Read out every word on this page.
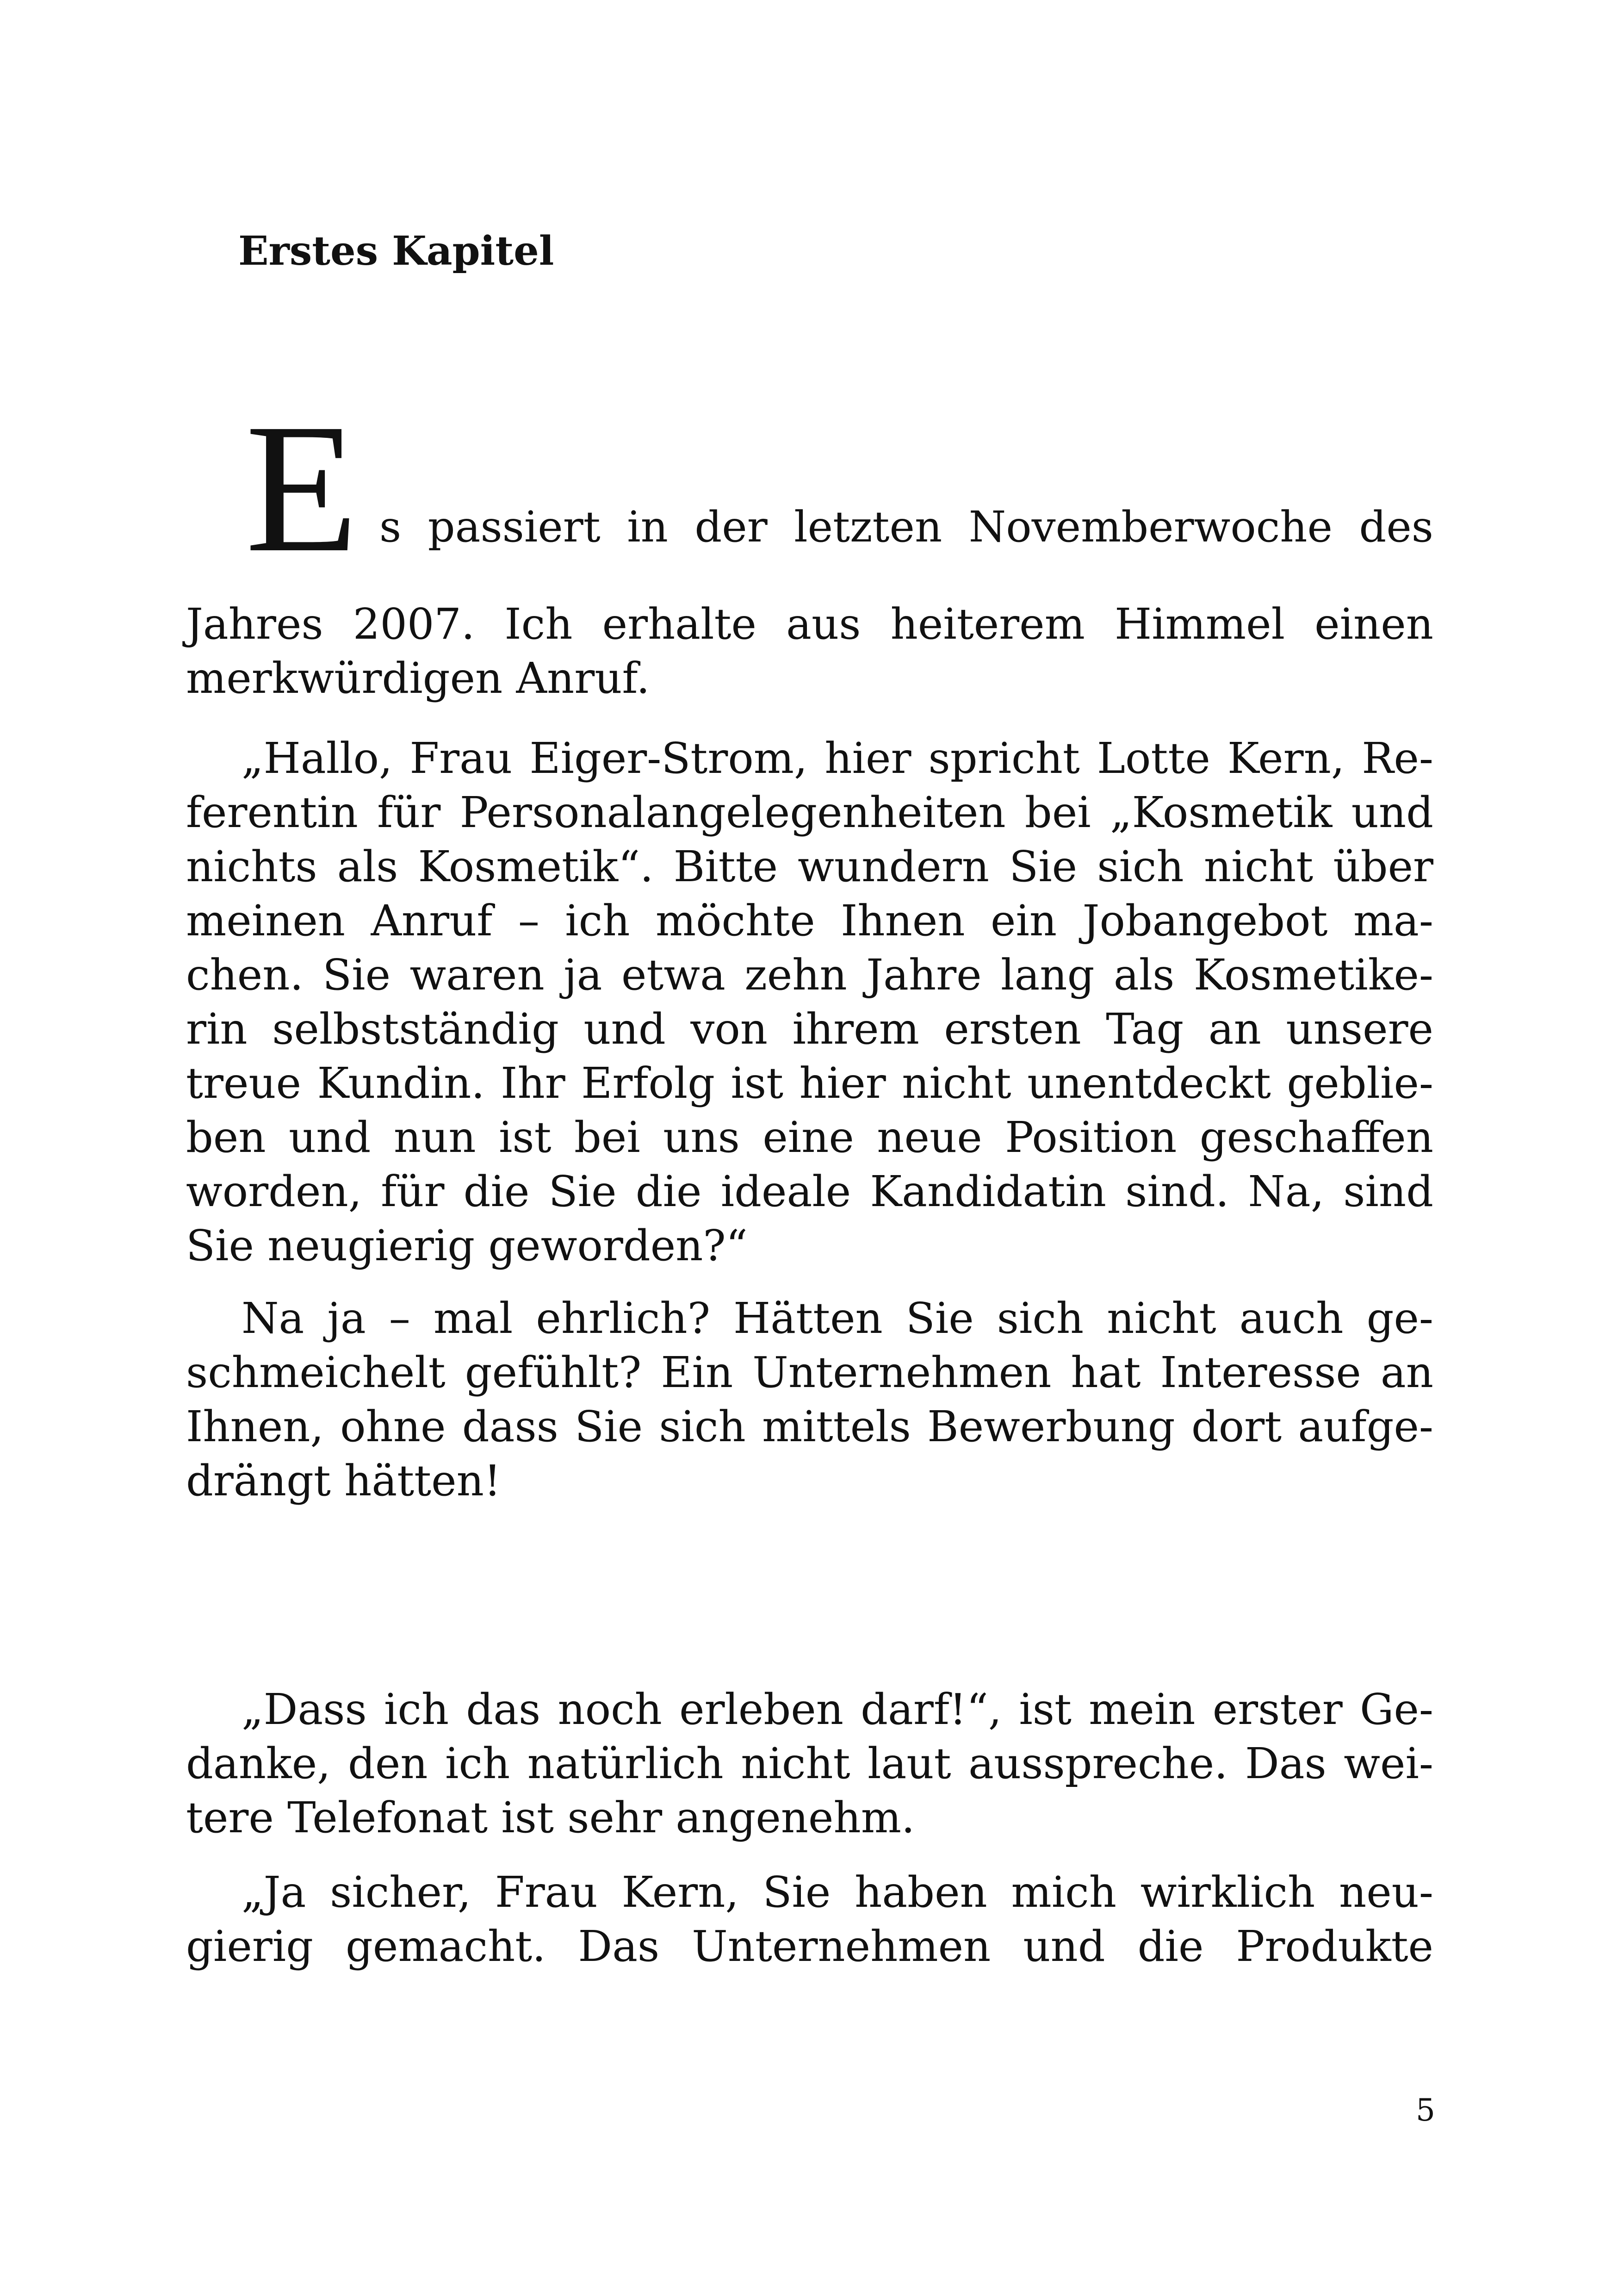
Erstes Kapitel
E s passiert in der letzten Novemberwoche des

Jahres 2007. Ich erhalte aus heiterem Himmel einen
merkwürdigen Anruf.

„Hallo, Frau Eiger-Strom, hier spricht Lotte Kern, Re-
ferentin für Personalangelegenheiten bei „Kosmetik und
nichts als Kosmetik“. Bitte wundern Sie sich nicht über
meinen Anruf – ich möchte Ihnen ein Jobangebot ma-
chen. Sie waren ja etwa zehn Jahre lang als Kosmetike-
rin selbstständig und von ihrem ersten Tag an unsere
treue Kundin. Ihr Erfolg ist hier nicht unentdeckt geblie-
ben und nun ist bei uns eine neue Position geschaffen
worden, für die Sie die ideale Kandidatin sind. Na, sind
Sie neugierig geworden?“

Na ja – mal ehrlich? Hätten Sie sich nicht auch ge-
schmeichelt gefühlt? Ein Unternehmen hat Interesse an
Ihnen, ohne dass Sie sich mittels Bewerbung dort aufge-
drängt hätten!

„Dass ich das noch erleben darf!“, ist mein erster Ge-
danke, den ich natürlich nicht laut ausspreche. Das wei-
tere Telefonat ist sehr angenehm.

„Ja sicher, Frau Kern, Sie haben mich wirklich neu-
gierig gemacht. Das Unternehmen und die Produkte

5
